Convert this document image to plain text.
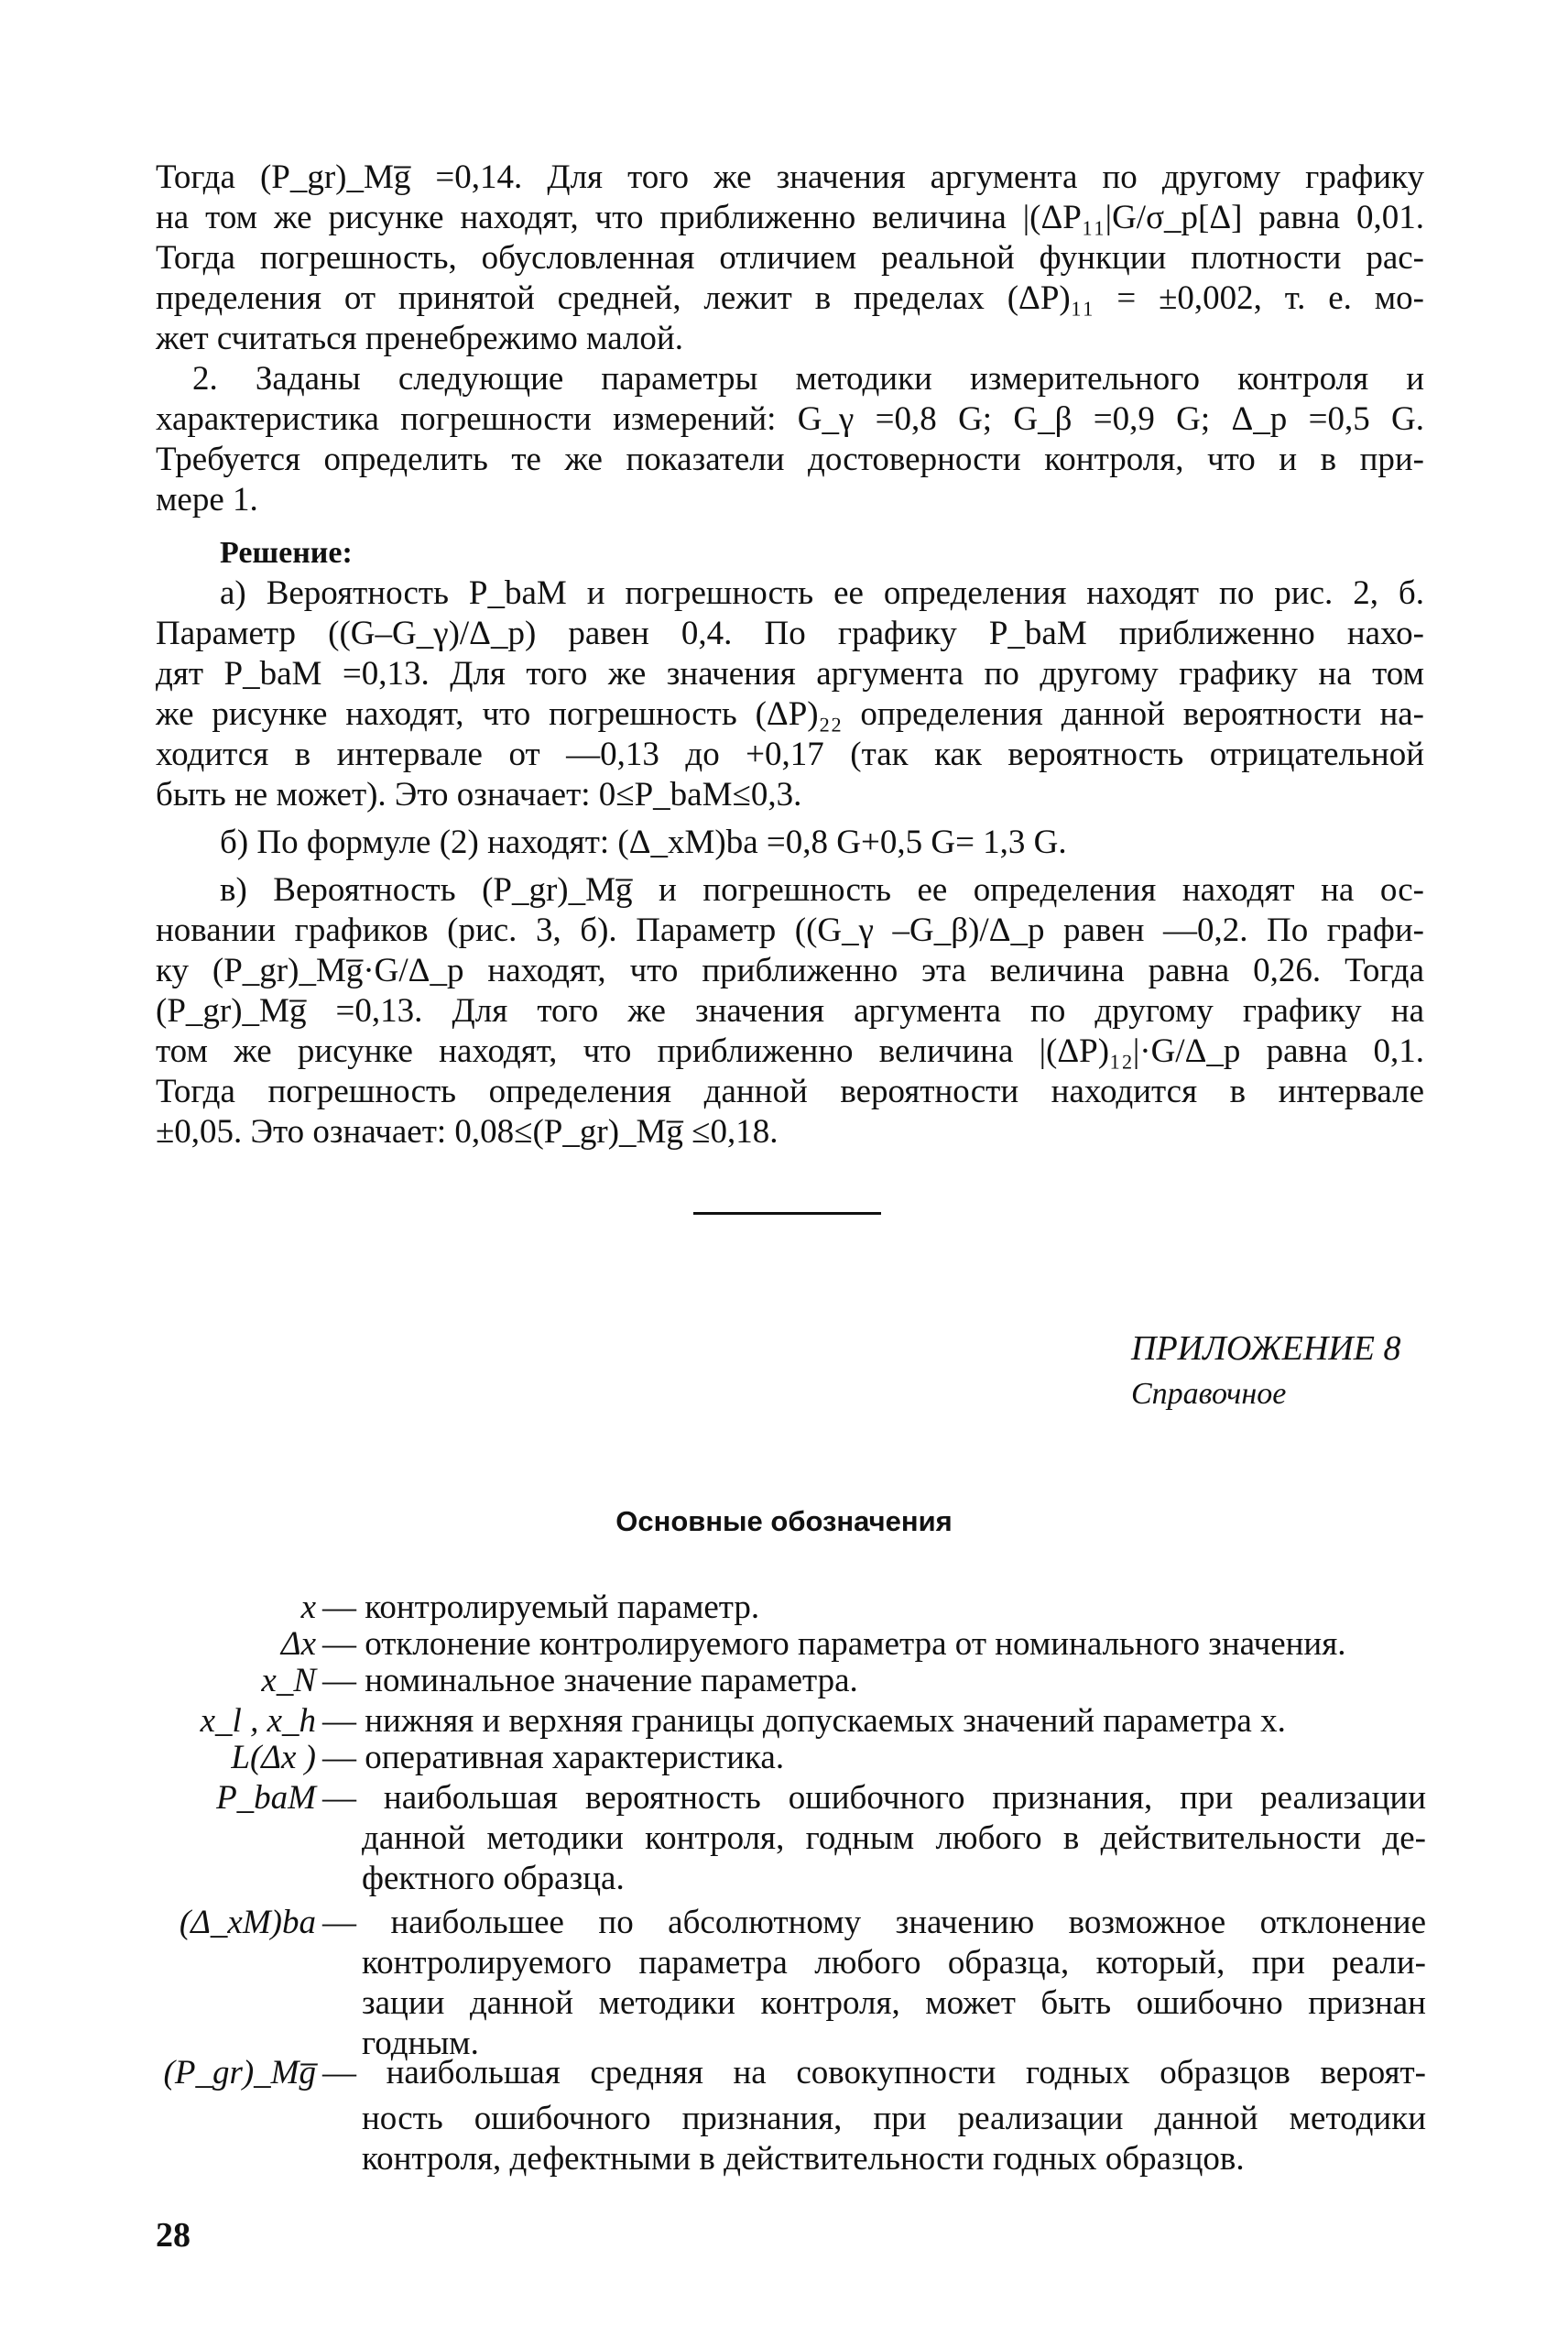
Тогда (P_gr)_Mg̅ =0,14. Для того же значения аргумента по другому графику
на том же рисунке находят, что приближенно величина |(ΔP₁₁|G/σ_p[Δ] равна 0,01.
Тогда погрешность, обусловленная отличием реальной функции плотности рас-
пределения от принятой средней, лежит в пределах (ΔP)₁₁ = ±0,002, т. е. мо-
жет считаться пренебрежимо малой.
2. Заданы следующие параметры методики измерительного контроля и
характеристика погрешности измерений: G_γ =0,8 G; G_β =0,9 G; Δ_p =0,5 G.
Требуется определить те же показатели достоверности контроля, что и в при-
мере 1.
Решение:
а) Вероятность P_baM и погрешность ее определения находят по рис. 2, б.
Параметр ((G–G_γ)/Δ_p) равен 0,4. По графику P_baM приближенно нахо-
дят P_baM =0,13. Для того же значения аргумента по другому графику на том
же рисунке находят, что погрешность (ΔP)₂₂ определения данной вероятности на-
ходится в интервале от —0,13 до +0,17 (так как вероятность отрицательной
быть не может). Это означает: 0≤P_baM≤0,3.
б) По формуле (2) находят: (Δ_xM)ba =0,8 G+0,5 G= 1,3 G.
в) Вероятность (P_gr)_Mg̅ и погрешность ее определения находят на ос-
новании графиков (рис. 3, б). Параметр ((G_γ –G_β)/Δ_p равен —0,2. По графи-
ку (P_gr)_Mg̅·G/Δ_p находят, что приближенно эта величина равна 0,26. Тогда
(P_gr)_Mg̅ =0,13. Для того же значения аргумента по другому графику на
том же рисунке находят, что приближенно величина |(ΔP)₁₂|·G/Δ_p равна 0,1.
Тогда погрешность определения данной вероятности находится в интервале
±0,05. Это означает: 0,08≤(P_gr)_Mg̅ ≤0,18.
ПРИЛОЖЕНИЕ 8
Справочное
Основные обозначения
x — контролируемый параметр.
Δx — отклонение контролируемого параметра от номинального значения.
x_N — номинальное значение параметра.
x_l , x_h — нижняя и верхняя границы допускаемых значений параметра x.
L(Δx ) — оперативная характеристика.
P_baM — наибольшая вероятность ошибочного признания, при реализации
данной методики контроля, годным любого в действительности де-
фектного образца.
(Δ_xM)ba — наибольшее по абсолютному значению возможное отклонение
контролируемого параметра любого образца, который, при реали-
зации данной методики контроля, может быть ошибочно признан
годным.
(P_gr)_Mg̅ — наибольшая средняя на совокупности годных образцов вероят-
ность ошибочного признания, при реализации данной методики
контроля, дефектными в действительности годных образцов.
28
